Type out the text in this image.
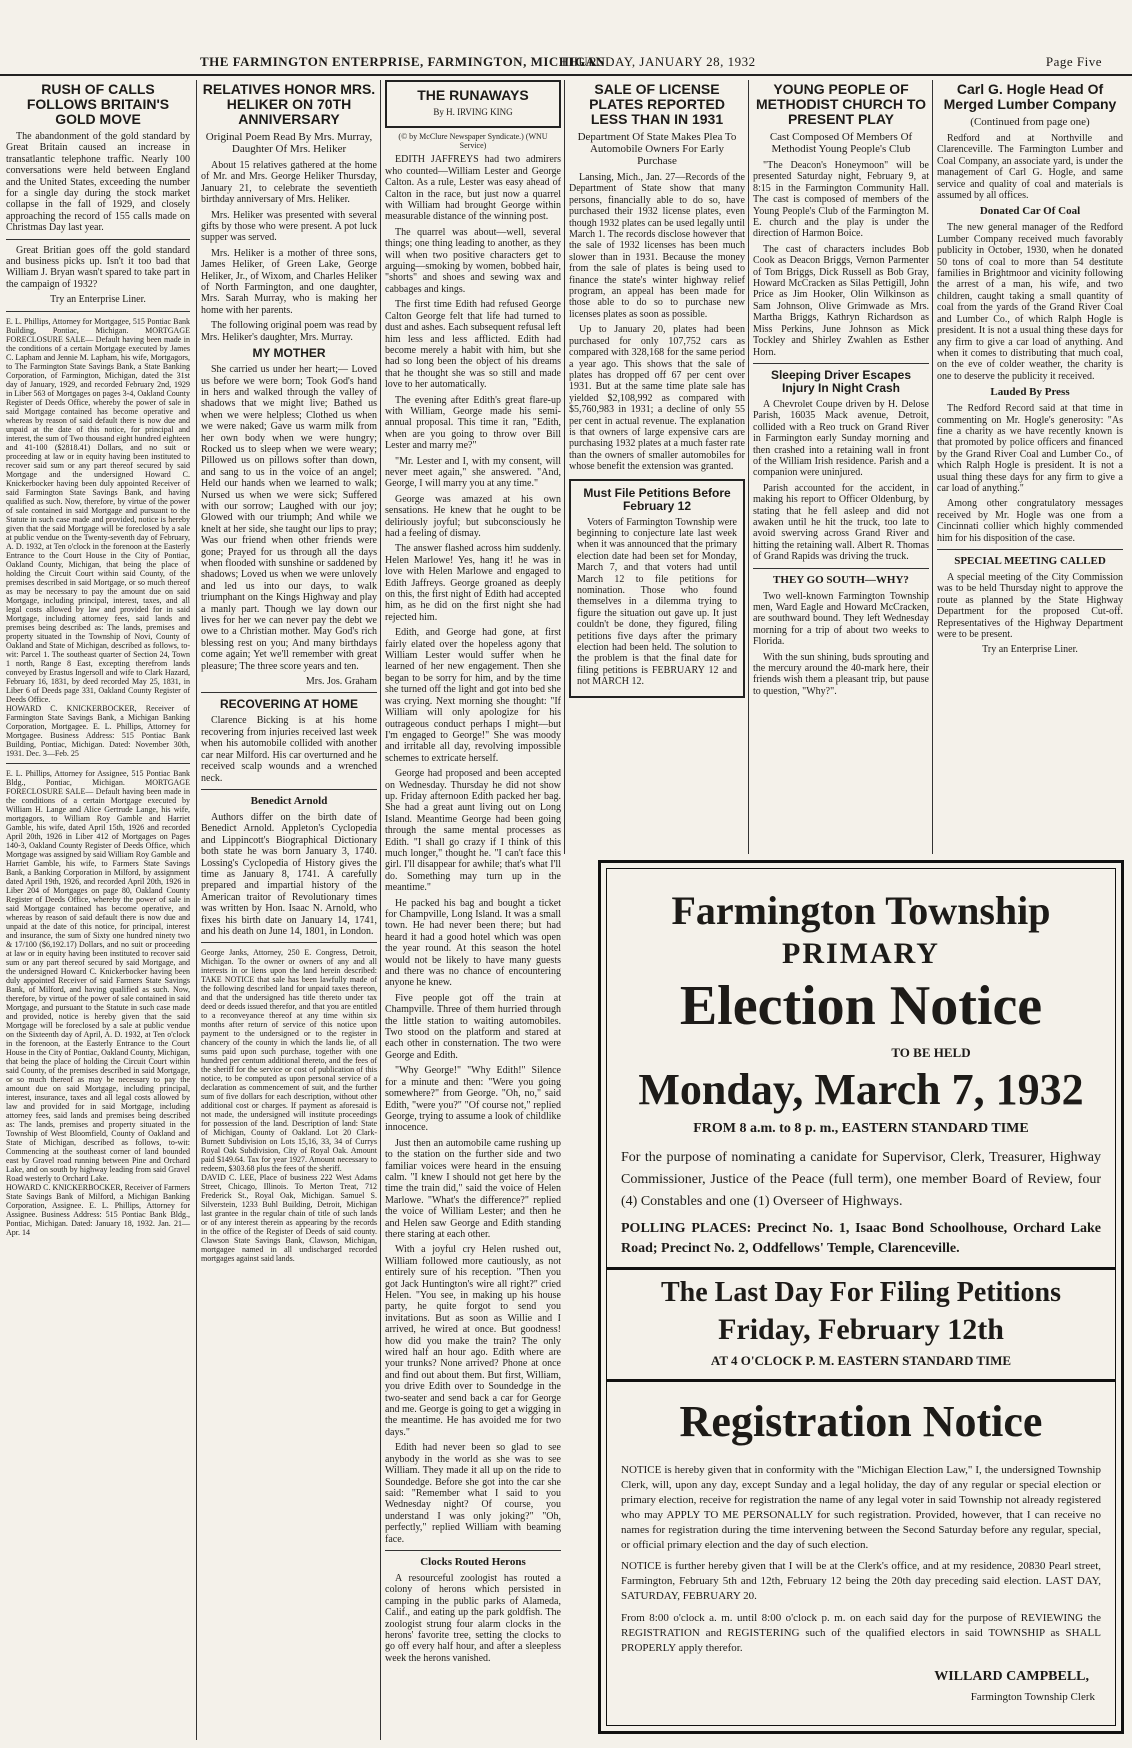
THE FARMINGTON ENTERPRISE, FARMINGTON, MICHIGAN
THURSDAY, JANUARY 28, 1932	Page Five
RUSH OF CALLS FOLLOWS BRITAIN'S GOLD MOVE

The abandonment of the gold standard by Great Britain caused an increase in transatlantic telephone traffic. Nearly 100 conversations were held between England and the United States, exceeding the number for a single day during the stock market collapse in the fall of 1929, and closely approaching the record of 155 calls made on Christmas Day last year.

Great Britian goes off the gold standard and business picks up. Isn't it too bad that William J. Bryan wasn't spared to take part in the campaign of 1932?

Try an Enterprise Liner.

E. L. Phillips, Attorney for Mortgagee, 515 Pontiac Bank Building, Pontiac, Michigan. MORTGAGE FORECLOSURE SALE— Default having been made in the conditions of a certain Mortgage executed by James C. Lapham and Jennie M. Lapham, his wife, Mortgagors, to The Farmington State Savings Bank, a State Banking Corporation, of Farmington, Michigan, dated the 31st day of January, 1929, and recorded February 2nd, 1929 in Liber 563 of Mortgages on pages 3-4, Oakland County Register of Deeds Office, whereby the power of sale in said Mortgage contained has become operative and whereas by reason of said default there is now due and unpaid at the date of this notice, for principal and interest, the sum of Two thousand eight hundred eighteen and 41-100 ($2818.41) Dollars, and no suit or proceeding at law or in equity having been instituted to recover said sum or any part thereof secured by said Mortgage and the undersigned Howard C. Knickerbocker having been duly appointed Receiver of said Farmington State Savings Bank, and having qualified as such. Now, therefore, by virtue of the power of sale contained in said Mortgage and pursuant to the Statute in such case made and provided, notice is hereby given that the said Mortgage will be foreclosed by a sale at public vendue on the Twenty-seventh day of February, A. D. 1932, at Ten o'clock in the forenoon at the Easterly Entrance to the Court House in the City of Pontiac, Oakland County, Michigan, that being the place of holding the Circuit Court within said County, of the premises described in said Mortgage, or so much thereof as may be necessary to pay the amount due on said Mortgage, including principal, interest, taxes, and all legal costs allowed by law and provided for in said Mortgage, including attorney fees, said lands and premises being described as: The lands, premises and property situated in the Township of Novi, County of Oakland and State of Michigan, described as follows, to-wit: Parcel 1. The southeast quarter of Section 24, Town 1 north, Range 8 East, excepting therefrom lands conveyed by Erastus Ingersoll and wife to Clark Hazard, February 16, 1831, by deed recorded May 25, 1831, in Liber 6 of Deeds page 331, Oakland County Register of Deeds Office.
HOWARD C. KNICKERBOCKER, Receiver of Farmington State Savings Bank, a Michigan Banking Corporation, Mortgagee. E. L. Phillips, Attorney for Mortgagee. Business Address: 515 Pontiac Bank Building, Pontiac, Michigan. Dated: November 30th, 1931. Dec. 3—Feb. 25
E. L. Phillips, Attorney for Assignee, 515 Pontiac Bank Bldg., Pontiac, Michigan. MORTGAGE FORECLOSURE SALE— Default having been made in the conditions of a certain Mortgage executed by William H. Lange and Alice Gertrude Lange, his wife, mortgagors, to William Roy Gamble and Harriet Gamble, his wife, dated April 15th, 1926 and recorded April 20th, 1926 in Liber 412 of Mortgages on Pages 140-3, Oakland County Register of Deeds Office, which Mortgage was assigned by said William Roy Gamble and Harriet Gamble, his wife, to Farmers State Savings Bank, a Banking Corporation in Milford, by assignment dated April 19th, 1926, and recorded April 20th, 1926 in Liber 204 of Mortgages on page 80, Oakland County Register of Deeds Office, whereby the power of sale in said Mortgage contained has become operative, and whereas by reason of said default there is now due and unpaid at the date of this notice, for principal, interest and insurance, the sum of Sixty one hundred ninety two & 17/100 ($6,192.17) Dollars, and no suit or proceeding at law or in equity having been instituted to recover said sum or any part thereof secured by said Mortgage, and the undersigned Howard C. Knickerbocker having been duly appointed Receiver of said Farmers State Savings Bank, of Milford, and having qualified as such. Now, therefore, by virtue of the power of sale contained in said Mortgage, and pursuant to the Statute in such case made and provided, notice is hereby given that the said Mortgage will be foreclosed by a sale at public vendue on the Sixteenth day of April, A. D. 1932, at Ten o'clock in the forenoon, at the Easterly Entrance to the Court House in the City of Pontiac, Oakland County, Michigan, that being the place of holding the Circuit Court within said County, of the premises described in said Mortgage, or so much thereof as may be necessary to pay the amount due on said Mortgage, including principal, interest, insurance, taxes and all legal costs allowed by law and provided for in said Mortgage, including attorney fees, said lands and premises being described as: The lands, premises and property situated in the Township of West Bloomfield, County of Oakland and State of Michigan, described as follows, to-wit: Commencing at the southeast corner of land bounded east by Gravel road running between Pine and Orchard Lake, and on south by highway leading from said Gravel Road westerly to Orchard Lake.
HOWARD C. KNICKERBOCKER, Receiver of Farmers State Savings Bank of Milford, a Michigan Banking Corporation, Assignee. E. L. Phillips, Attorney for Assignee. Business Address: 515 Pontiac Bank Bldg., Pontiac, Michigan. Dated: January 18, 1932. Jan. 21—Apr. 14
RELATIVES HONOR MRS. HELIKER ON 70TH ANNIVERSARY
Original Poem Read By Mrs. Murray, Daughter Of Mrs. Heliker

About 15 relatives gathered at the home of Mr. and Mrs. George Heliker Thursday, January 21, to celebrate the seventieth birthday anniversary of Mrs. Heliker.

Mrs. Heliker was presented with several gifts by those who were present. A pot luck supper was served.

Mrs. Heliker is a mother of three sons, James Heliker, of Green Lake, George Heliker, Jr., of Wixom, and Charles Heliker of North Farmington, and one daughter, Mrs. Sarah Murray, who is making her home with her parents.

The following original poem was read by Mrs. Heliker's daughter, Mrs. Murray.

MY MOTHER

She carried us under her heart;— Loved us before we were born; Took God's hand in hers and walked through the valley of shadows that we might live; Bathed us when we were helpless; Clothed us when we were naked; Gave us warm milk from her own body when we were hungry; Rocked us to sleep when we were weary; Pillowed us on pillows softer than down, and sang to us in the voice of an angel; Held our hands when we learned to walk; Nursed us when we were sick; Suffered with our sorrow; Laughed with our joy; Glowed with our triumph; And while we knelt at her side, she taught our lips to pray; Was our friend when other friends were gone; Prayed for us through all the days when flooded with sunshine or saddened by shadows; Loved us when we were unlovely and led us into our days, to walk triumphant on the Kings Highway and play a manly part. Though we lay down our lives for her we can never pay the debt we owe to a Christian mother. May God's rich blessing rest on you; And many birthdays come again; Yet we'll remember with great pleasure; The three score years and ten.

Mrs. Jos. Graham

RECOVERING AT HOME

Clarence Bicking is at his home recovering from injuries received last week when his automobile collided with another car near Milford. His car overturned and he received scalp wounds and a wrenched neck.

Benedict Arnold

Authors differ on the birth date of Benedict Arnold. Appleton's Cyclopedia and Lippincott's Biographical Dictionary both state he was born January 3, 1740. Lossing's Cyclopedia of History gives the time as January 8, 1741. A carefully prepared and impartial history of the American traitor of Revolutionary times was written by Hon. Isaac N. Arnold, who fixes his birth date on January 14, 1741, and his death on June 14, 1801, in London.

George Janks, Attorney, 250 E. Congress, Detroit, Michigan. To the owner or owners of any and all interests in or liens upon the land herein described: TAKE NOTICE that sale has been lawfully made of the following described land for unpaid taxes thereon, and that the undersigned has title thereto under tax deed or deeds issued therefor, and that you are entitled to a reconveyance thereof at any time within six months after return of service of this notice upon payment to the undersigned or to the register in chancery of the county in which the lands lie, of all sums paid upon such purchase, together with one hundred per centum additional thereto, and the fees of the sheriff for the service or cost of publication of this notice, to be computed as upon personal service of a declaration as commencement of suit, and the further sum of five dollars for each description, without other additional cost or charges. If payment as aforesaid is not made, the undersigned will institute proceedings for possession of the land. Description of land: State of Michigan, County of Oakland. Lot 20 Clark-Burnett Subdivision on Lots 15,16, 33, 34 of Currys Royal Oak Subdivision, City of Royal Oak. Amount paid $149.64. Tax for year 1927. Amount necessary to redeem, $303.68 plus the fees of the sheriff.
DAVID C. LEE, Place of business 222 West Adams Street, Chicago, Illinois. To Merton Treat, 712 Frederick St., Royal Oak, Michigan. Samuel S. Silverstein, 1233 Buhl Building, Detroit, Michigan last grantee in the regular chain of title of such lands or of any interest therein as appearing by the records in the office of the Register of Deeds of said county. Clawson State Savings Bank, Clawson, Michigan, mortgagee named in all undischarged recorded mortgages against said lands.
THE RUNAWAYS
By H. IRVING KING
(© by McClure Newspaper Syndicate.) (WNU Service)

EDITH JAFFREYS had two admirers who counted—William Lester and George Calton. As a rule, Lester was easy ahead of Calton in the race, but just now a quarrel with William had brought George within measurable distance of the winning post.

The quarrel was about—well, several things; one thing leading to another, as they will when two positive characters get to arguing—smoking by women, bobbed hair, "shorts" and shoes and sewing wax and cabbages and kings.

The first time Edith had refused George Calton George felt that life had turned to dust and ashes. Each subsequent refusal left him less and less afflicted. Edith had become merely a habit with him, but she had so long been the object of his dreams that he thought she was so still and made love to her automatically.

The evening after Edith's great flare-up with William, George made his semi-annual proposal. This time it ran, "Edith, when are you going to throw over Bill Lester and marry me?"

"Mr. Lester and I, with my consent, will never meet again," she answered. "And, George, I will marry you at any time."

George was amazed at his own sensations. He knew that he ought to be deliriously joyful; but subconsciously he had a feeling of dismay.

The answer flashed across him suddenly. Helen Marlowe! Yes, hang it! he was in love with Helen Marlowe and engaged to Edith Jaffreys. George groaned as deeply on this, the first night of Edith had accepted him, as he did on the first night she had rejected him.

Edith, and George had gone, at first fairly elated over the hopeless agony that William Lester would suffer when he learned of her new engagement. Then she began to be sorry for him, and by the time she turned off the light and got into bed she was crying. Next morning she thought: "If William will only apologize for his outrageous conduct perhaps I might—but I'm engaged to George!" She was moody and irritable all day, revolving impossible schemes to extricate herself.

George had proposed and been accepted on Wednesday. Thursday he did not show up. Friday afternoon Edith packed her bag. She had a great aunt living out on Long Island. Meantime George had been going through the same mental processes as Edith. "I shall go crazy if I think of this much longer," thought he. "I can't face this girl. I'll disappear for awhile; that's what I'll do. Something may turn up in the meantime."

He packed his bag and bought a ticket for Champville, Long Island. It was a small town. He had never been there; but had heard it had a good hotel which was open the year round. At this season the hotel would not be likely to have many guests and there was no chance of encountering anyone he knew.

Five people got off the train at Champville. Three of them hurried through the little station to waiting automobiles. Two stood on the platform and stared at each other in consternation. The two were George and Edith.

"Why George!" "Why Edith!" Silence for a minute and then: "Were you going somewhere?" from George. "Oh, no," said Edith, "were you?" "Of course not," replied George, trying to assume a look of childlike innocence.

Just then an automobile came rushing up to the station on the further side and two familiar voices were heard in the ensuing calm. "I knew I should not get here by the time the train did," said the voice of Helen Marlowe. "What's the difference?" replied the voice of William Lester; and then he and Helen saw George and Edith standing there staring at each other.

With a joyful cry Helen rushed out, William followed more cautiously, as not entirely sure of his reception. "Then you got Jack Huntington's wire all right?" cried Helen. "You see, in making up his house party, he quite forgot to send you invitations. But as soon as Willie and I arrived, he wired at once. But goodness! how did you make the train? The only wired half an hour ago. Edith where are your trunks? None arrived? Phone at once and find out about them. But first, William, you drive Edith over to Soundedge in the two-seater and send back a car for George and me. George is going to get a wigging in the meantime. He has avoided me for two days."

Edith had never been so glad to see anybody in the world as she was to see William. They made it all up on the ride to Soundedge. Before she got into the car she said: "Remember what I said to you Wednesday night? Of course, you understand I was only joking?" "Oh, perfectly," replied William with beaming face.

Clocks Routed Herons

A resourceful zoologist has routed a colony of herons which persisted in camping in the public parks of Alameda, Calif., and eating up the park goldfish. The zoologist strung four alarm clocks in the herons' favorite tree, setting the clocks to go off every half hour, and after a sleepless week the herons vanished.

SALE OF LICENSE PLATES REPORTED LESS THAN IN 1931
Department Of State Makes Plea To Automobile Owners For Early Purchase

Lansing, Mich., Jan. 27—Records of the Department of State show that many persons, financially able to do so, have purchased their 1932 license plates, even though 1932 plates can be used legally until March 1. The records disclose however that the sale of 1932 licenses has been much slower than in 1931. Because the money from the sale of plates is being used to finance the state's winter highway relief program, an appeal has been made for those able to do so to purchase new licenses plates as soon as possible.

Up to January 20, plates had been purchased for only 107,752 cars as compared with 328,168 for the same period a year ago. This shows that the sale of plates has dropped off 67 per cent over 1931. But at the same time plate sale has yielded $2,108,992 as compared with $5,760,983 in 1931; a decline of only 55 per cent in actual revenue. The explanation is that owners of large expensive cars are purchasing 1932 plates at a much faster rate than the owners of smaller automobiles for whose benefit the extension was granted.

Must File Petitions Before February 12

Voters of Farmington Township were beginning to conjecture late last week when it was announced that the primary election date had been set for Monday, March 7, and that voters had until March 12 to file petitions for nomination. Those who found themselves in a dilemma trying to figure the situation out gave up. It just couldn't be done, they figured, filing petitions five days after the primary election had been held. The solution to the problem is that the final date for filing petitions is FEBRUARY 12 and not MARCH 12.

YOUNG PEOPLE OF METHODIST CHURCH TO PRESENT PLAY
Cast Composed Of Members Of Methodist Young People's Club

"The Deacon's Honeymoon" will be presented Saturday night, February 9, at 8:15 in the Farmington Community Hall. The cast is composed of members of the Young People's Club of the Farmington M. E. church and the play is under the direction of Harmon Boice.

The cast of characters includes Bob Cook as Deacon Briggs, Vernon Parmenter of Tom Briggs, Dick Russell as Bob Gray, Howard McCracken as Silas Pettigill, John Price as Jim Hooker, Olin Wilkinson as Sam Johnson, Olive Grimwade as Mrs. Martha Briggs, Kathryn Richardson as Miss Perkins, June Johnson as Mick Tockley and Shirley Zwahlen as Esther Horn.

Sleeping Driver Escapes Injury In Night Crash

A Chevrolet Coupe driven by H. Delose Parish, 16035 Mack avenue, Detroit, collided with a Reo truck on Grand River in Farmington early Sunday morning and then crashed into a retaining wall in front of the William Irish residence. Parish and a companion were uninjured.

Parish accounted for the accident, in making his report to Officer Oldenburg, by stating that he fell asleep and did not awaken until he hit the truck, too late to avoid swerving across Grand River and hitting the retaining wall. Albert R. Thomas of Grand Rapids was driving the truck.

THEY GO SOUTH—WHY?

Two well-known Farmington Township men, Ward Eagle and Howard McCracken, are southward bound. They left Wednesday morning for a trip of about two weeks to Florida.

With the sun shining, buds sprouting and the mercury around the 40-mark here, their friends wish them a pleasant trip, but pause to question, "Why?".

Carl G. Hogle Head Of Merged Lumber Company
(Continued from page one)

Redford and at Northville and Clarenceville. The Farmington Lumber and Coal Company, an associate yard, is under the management of Carl G. Hogle, and same service and quality of coal and materials is assumed by all offices.

Donated Car Of Coal

The new general manager of the Redford Lumber Company received much favorably publicity in October, 1930, when he donated 50 tons of coal to more than 54 destitute families in Brightmoor and vicinity following the arrest of a man, his wife, and two children, caught taking a small quantity of coal from the yards of the Grand River Coal and Lumber Co., of which Ralph Hogle is president. It is not a usual thing these days for any firm to give a car load of anything. And when it comes to distributing that much coal, on the eve of colder weather, the charity is one to deserve the publicity it received.

Lauded By Press

The Redford Record said at that time in commenting on Mr. Hogle's generosity: "As fine a charity as we have recently known is that promoted by police officers and financed by the Grand River Coal and Lumber Co., of which Ralph Hogle is president. It is not a usual thing these days for any firm to give a car load of anything."

Among other congratulatory messages received by Mr. Hogle was one from a Cincinnati collier which highly commended him for his disposition of the case.

SPECIAL MEETING CALLED

A special meeting of the City Commission was to be held Thursday night to approve the route as planned by the State Highway Department for the proposed Cut-off. Representatives of the Highway Department were to be present.

Try an Enterprise Liner.

Farmington Township
PRIMARY
Election Notice
TO BE HELD
Monday, March 7, 1932
FROM 8 a.m. to 8 p. m., EASTERN STANDARD TIME
For the purpose of nominating a canidate for Supervisor, Clerk, Treasurer, Highway Commissioner, Justice of the Peace (full term), one member Board of Review, four (4) Constables and one (1) Overseer of Highways.
POLLING PLACES: Precinct No. 1, Isaac Bond Schoolhouse, Orchard Lake Road; Precinct No. 2, Oddfellows' Temple, Clarenceville.
The Last Day For Filing Petitions
Friday, February 12th
AT 4 O'CLOCK P. M. EASTERN STANDARD TIME
Registration Notice
NOTICE is hereby given that in conformity with the "Michigan Election Law," I, the undersigned Township Clerk, will, upon any day, except Sunday and a legal holiday, the day of any regular or special election or primary election, receive for registration the name of any legal voter in said Township not already registered who may APPLY TO ME PERSONALLY for such registration. Provided, however, that I can receive no names for registration during the time intervening between the Second Saturday before any regular, special, or official primary election and the day of such election.
NOTICE is further hereby given that I will be at the Clerk's office, and at my residence, 20830 Pearl street, Farmington, February 5th and 12th, February 12 being the 20th day preceding said election. LAST DAY, SATURDAY, FEBRUARY 20.
From 8:00 o'clock a. m. until 8:00 o'clock p. m. on each said day for the purpose of REVIEWING the REGISTRATION and REGISTERING such of the qualified electors in said TOWNSHIP as SHALL PROPERLY apply therefor.
WILLARD CAMPBELL,
Farmington Township Clerk
